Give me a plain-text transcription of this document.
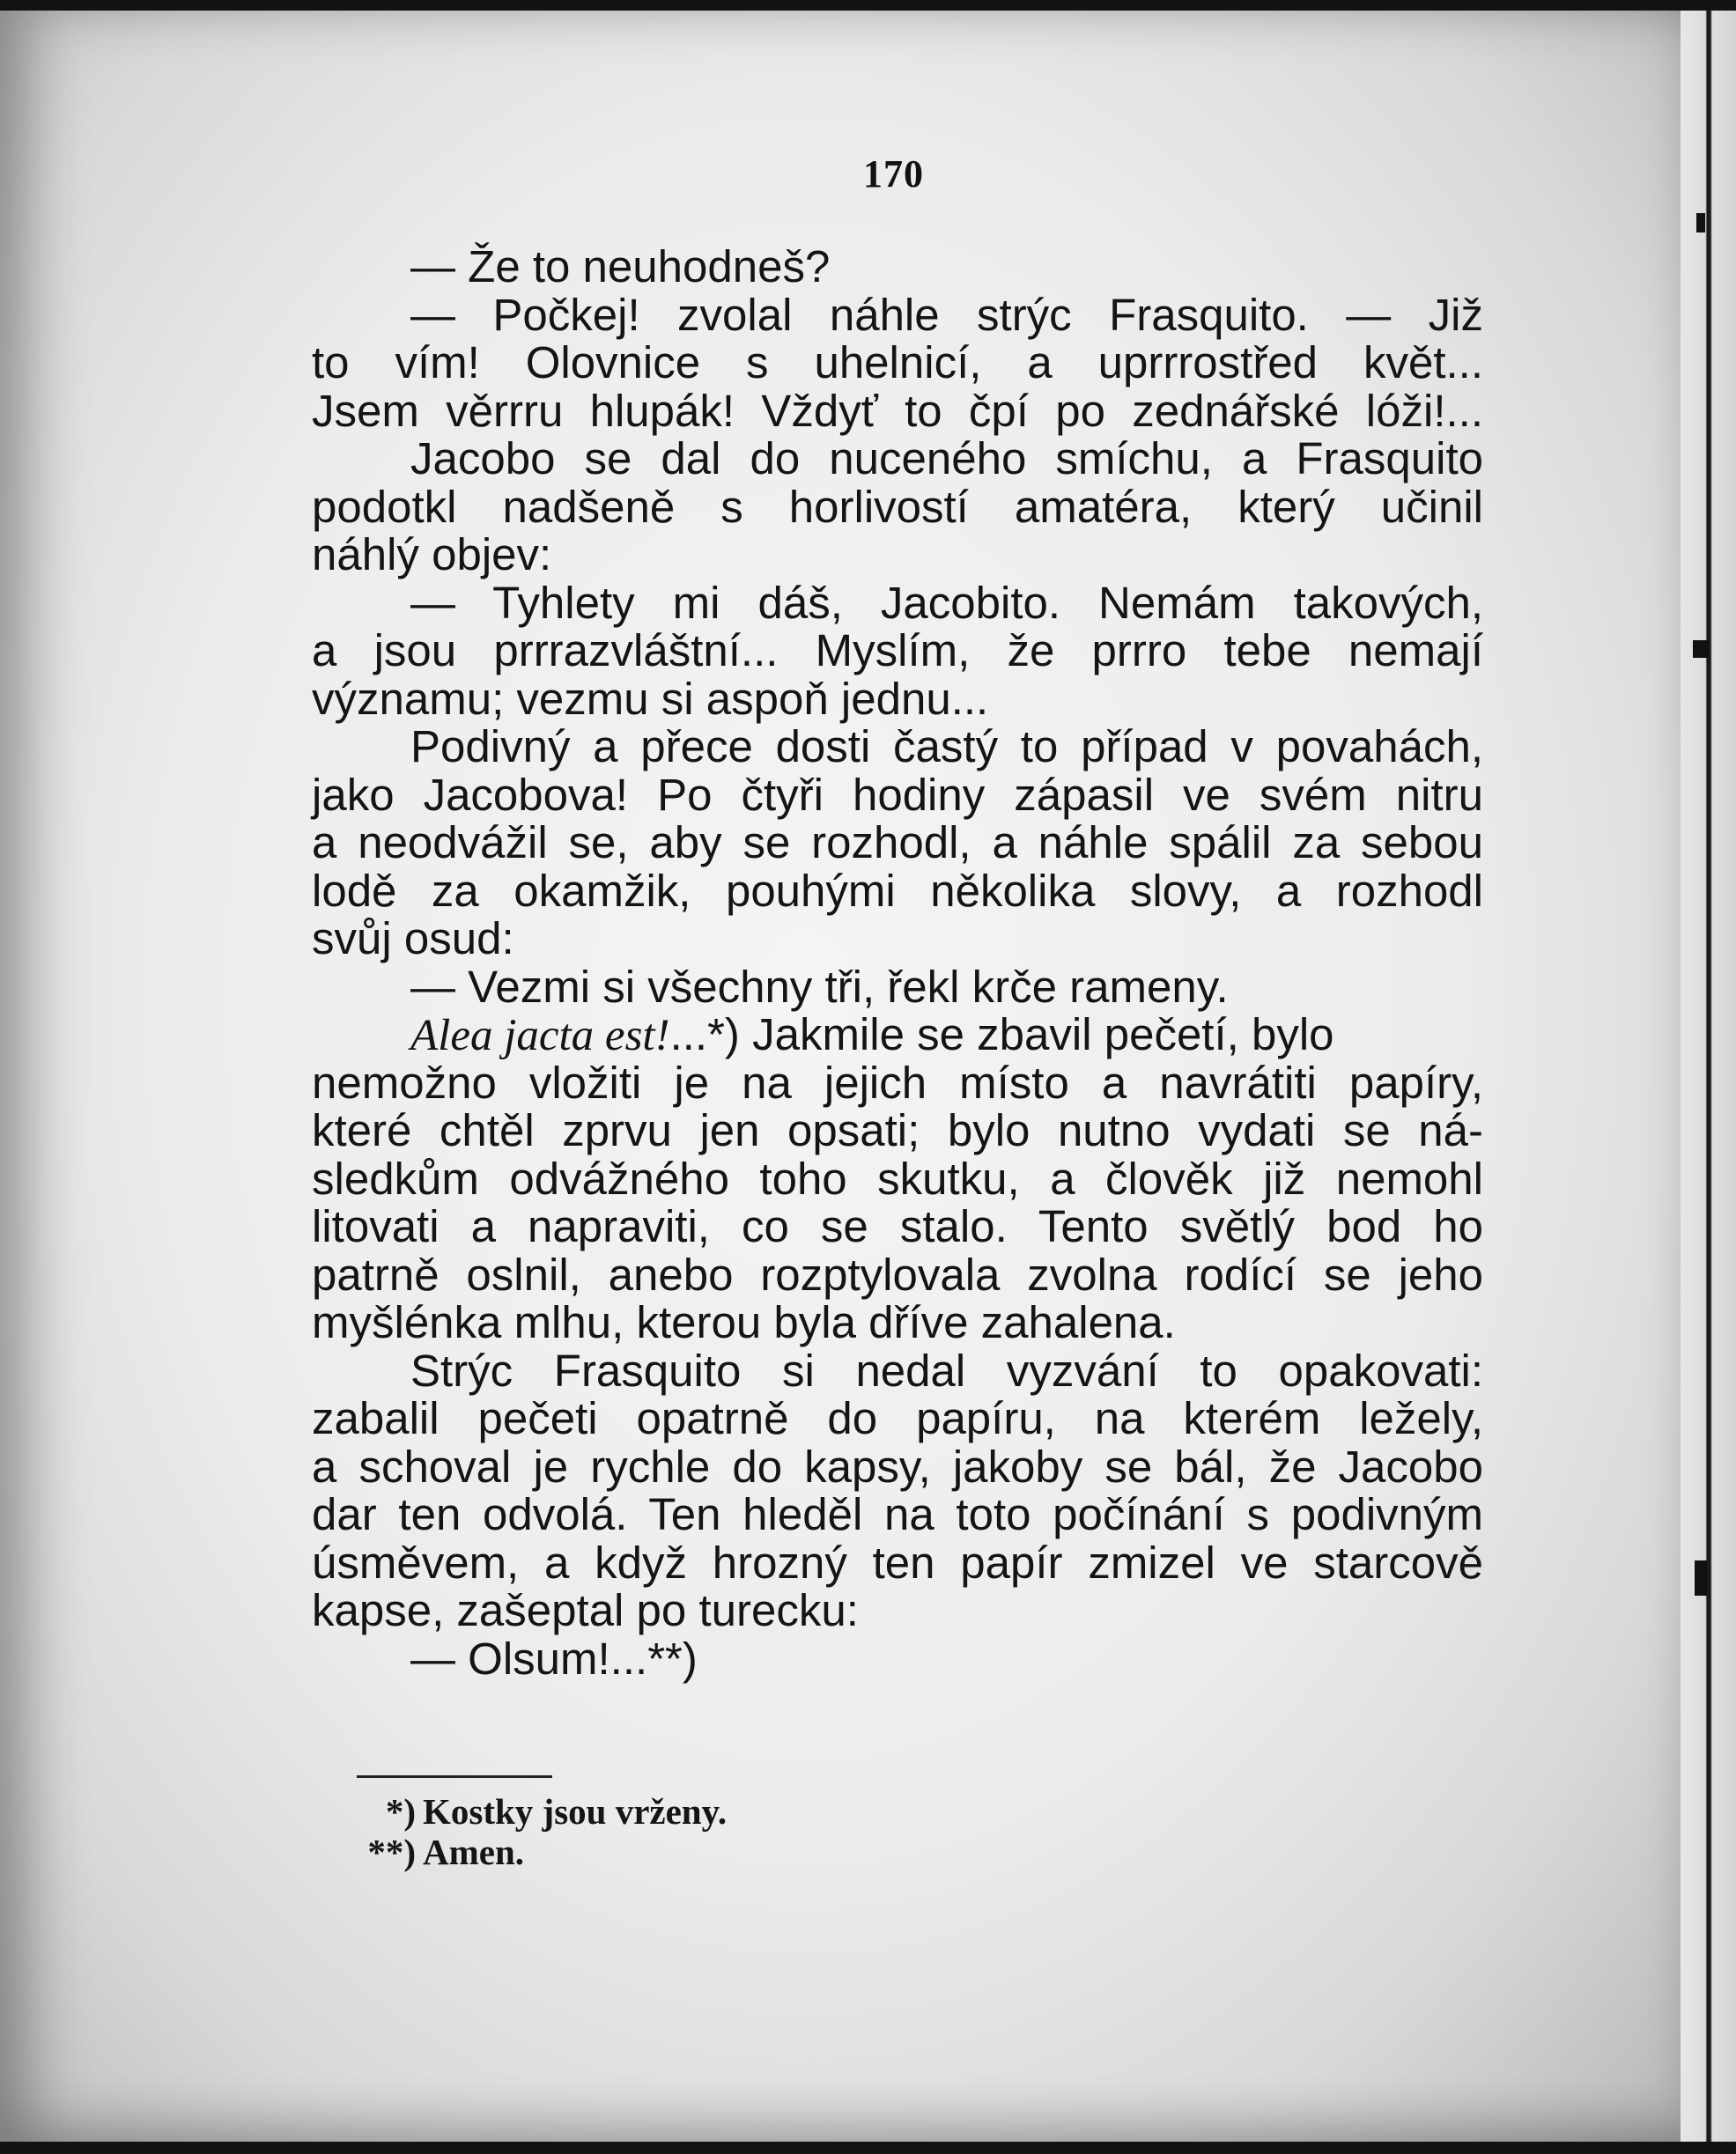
170
— Že to neuhodneš?
— Počkej! zvolal náhle strýc Frasquito. — Již
to vím! Olovnice s uhelnicí, a uprrrostřed květ...
Jsem věrrru hlupák! Vždyť to čpí po zednářské lóži!...
Jacobo se dal do nuceného smíchu, a Frasquito
podotkl nadšeně s horlivostí amatéra, který učinil
náhlý objev:
— Tyhlety mi dáš, Jacobito. Nemám takových,
a jsou prrrazvláštní... Myslím, že prrro tebe nemají
významu; vezmu si aspoň jednu...
Podivný a přece dosti častý to případ v povahách,
jako Jacobova! Po čtyři hodiny zápasil ve svém nitru
a neodvážil se, aby se rozhodl, a náhle spálil za sebou
lodě za okamžik, pouhými několika slovy, a rozhodl
svůj osud:
— Vezmi si všechny tři, řekl krče rameny.
Alea jacta est!...*) Jakmile se zbavil pečetí, bylo
nemožno vložiti je na jejich místo a navrátiti papíry,
které chtěl zprvu jen opsati; bylo nutno vydati se ná-
sledkům odvážného toho skutku, a člověk již nemohl
litovati a napraviti, co se stalo. Tento světlý bod ho
patrně oslnil, anebo rozptylovala zvolna rodící se jeho
myšlénka mlhu, kterou byla dříve zahalena.
Strýc Frasquito si nedal vyzvání to opakovati:
zabalil pečeti opatrně do papíru, na kterém ležely,
a schoval je rychle do kapsy, jakoby se bál, že Jacobo
dar ten odvolá. Ten hleděl na toto počínání s podivným
úsměvem, a když hrozný ten papír zmizel ve starcově
kapse, zašeptal po turecku:
— Olsum!...**)
*) Kostky jsou vrženy.
**) Amen.
